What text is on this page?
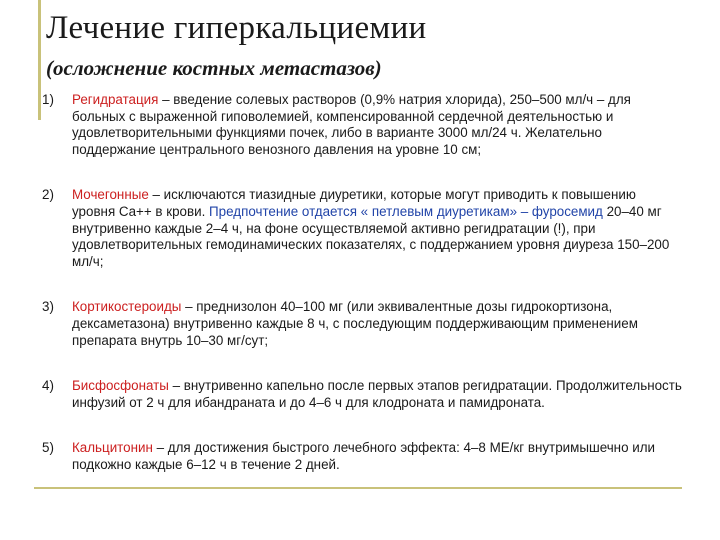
Лечение гиперкальциемии
(осложнение костных метастазов)
1) Регидратация – введение солевых растворов (0,9% натрия хлорида), 250–500 мл/ч – для больных с выраженной гиповолемией, компенсированной сердечной деятельностью и удовлетворительными функциями почек, либо в варианте 3000 мл/24 ч. Желательно поддержание центрального венозного давления на уровне 10 см;
2) Мочегонные – исключаются тиазидные диуретики, которые могут приводить к повышению уровня Ca++ в крови. Предпочтение отдается « петлевым диуретикам» – фуросемид 20–40 мг внутривенно каждые 2–4 ч, на фоне осуществляемой активно регидратации (!), при удовлетворительных гемодинамических показателях, с поддержанием уровня диуреза 150–200 мл/ч;
3) Кортикостероиды – преднизолон 40–100 мг (или эквивалентные дозы гидрокортизона, дексаметазона) внутривенно каждые 8 ч, с последующим поддерживающим применением препарата внутрь 10–30 мг/сут;
4) Бисфосфонаты – внутривенно капельно после первых этапов регидратации. Продолжительность инфузий от 2 ч для ибандраната и до 4–6 ч для клодроната и памидроната.
5) Кальцитонин – для достижения быстрого лечебного эффекта: 4–8 МЕ/кг внутримышечно или подкожно каждые 6–12 ч в течение 2 дней.
